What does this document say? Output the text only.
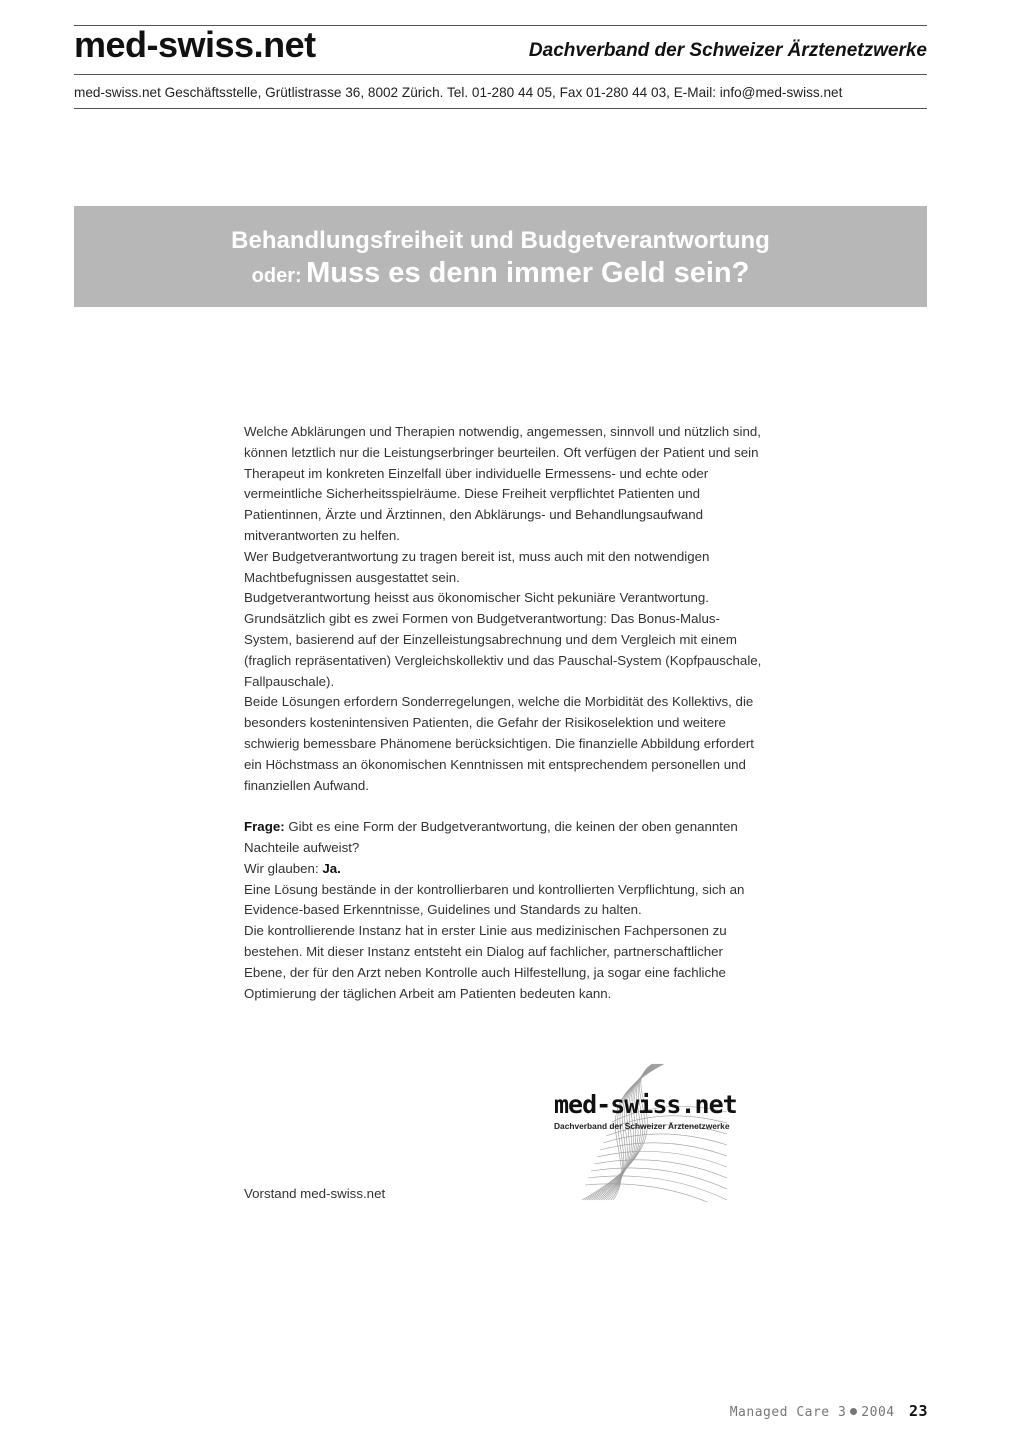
med-swiss.net	Dachverband der Schweizer Ärztenetzwerke
med-swiss.net Geschäftsstelle, Grütlistrasse 36, 8002 Zürich. Tel. 01-280 44 05, Fax 01-280 44 03, E-Mail: info@med-swiss.net
Behandlungsfreiheit und Budgetverantwortung
oder: Muss es denn immer Geld sein?

Welche Abklärungen und Therapien notwendig, angemessen, sinnvoll und nützlich sind, können letztlich nur die Leistungserbringer beurteilen. Oft verfügen der Patient und sein Therapeut im konkreten Einzelfall über individuelle Ermessens- und echte oder vermeintliche Sicherheitsspielräume. Diese Freiheit verpflichtet Patienten und Patientinnen, Ärzte und Ärztinnen, den Abklärungs- und Behandlungsaufwand mitverantworten zu helfen.

Wer Budgetverantwortung zu tragen bereit ist, muss auch mit den notwendigen Machtbefugnissen ausgestattet sein.

Budgetverantwortung heisst aus ökonomischer Sicht pekuniäre Verantwortung.

Grundsätzlich gibt es zwei Formen von Budgetverantwortung: Das Bonus-Malus-System, basierend auf der Einzelleistungsabrechnung und dem Vergleich mit einem (fraglich repräsentativen) Vergleichskollektiv und das Pauschal-System (Kopfpauschale, Fallpauschale).

Beide Lösungen erfordern Sonderregelungen, welche die Morbidität des Kollektivs, die besonders kostenintensiven Patienten, die Gefahr der Risikoselektion und weitere schwierig bemessbare Phänomene berücksichtigen. Die finanzielle Abbildung erfordert ein Höchstmass an ökonomischen Kenntnissen mit entsprechendem personellen und finanziellen Aufwand.

Frage: Gibt es eine Form der Budgetverantwortung, die keinen der oben genannten Nachteile aufweist?

Wir glauben: Ja.

Eine Lösung bestände in der kontrollierbaren und kontrollierten Verpflichtung, sich an Evidence-based Erkenntnisse, Guidelines und Standards zu halten.

Die kontrollierende Instanz hat in erster Linie aus medizinischen Fachpersonen zu bestehen. Mit dieser Instanz entsteht ein Dialog auf fachlicher, partnerschaftlicher Ebene, der für den Arzt neben Kontrolle auch Hilfestellung, ja sogar eine fachliche Optimierung der täglichen Arbeit am Patienten bedeuten kann.

med-swiss.net
Dachverband der Schweizer Ärztenetzwerke
Vorstand med-swiss.net
Managed Care 3 2004 23
